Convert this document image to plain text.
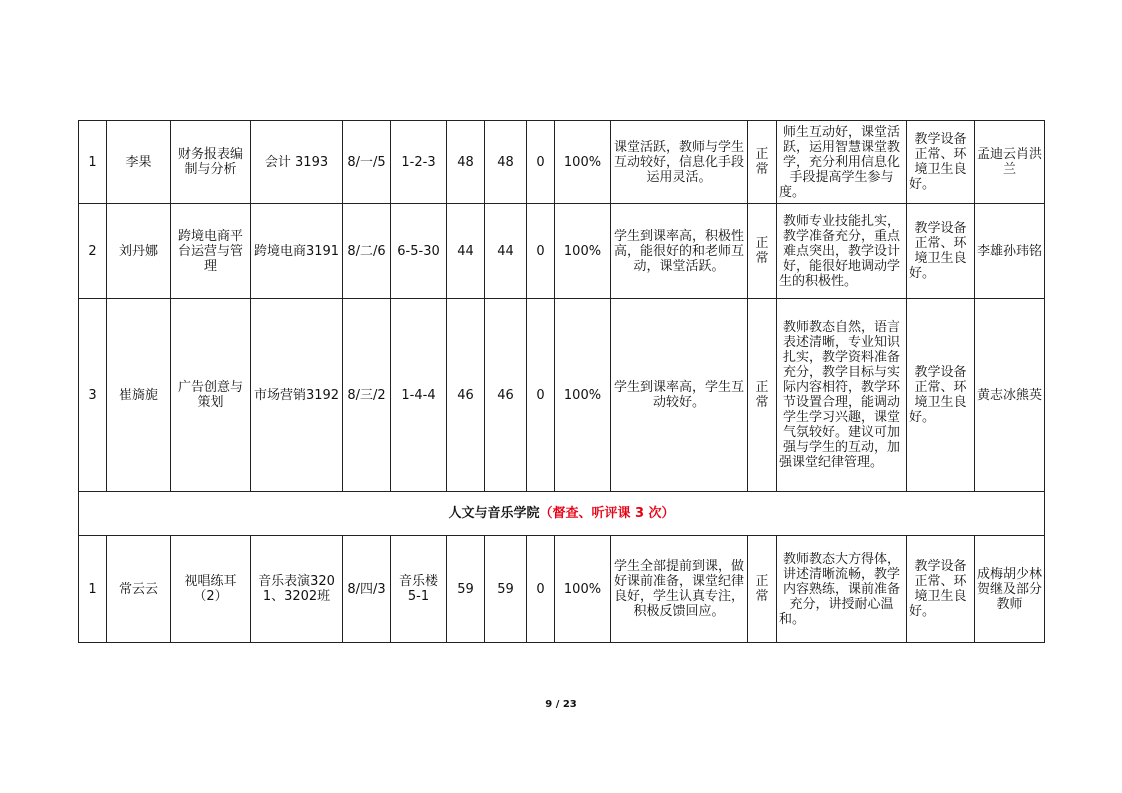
1	李果	财务报表编制与分析	会计 3193	8/一/5	1-2-3	48	48	0	100%	课堂活跃，教师与学生互动较好，信息化手段运用灵活。	正常	师生互动好，课堂活跃，运用智慧课堂教学，充分利用信息化手段提高学生参与度。	教学设备正常、环境卫生良好。	孟迪云肖洪兰
2	刘丹娜	跨境电商平台运营与管理	跨境电商3191	8/二/6	6-5-30	44	44	0	100%	学生到课率高，积极性高，能很好的和老师互动，课堂活跃。	正常	教师专业技能扎实，教学准备充分，重点难点突出，教学设计好，能很好地调动学生的积极性。	教学设备正常、环境卫生良好。	李雄孙玮铭
3	崔旖旎	广告创意与策划	市场营销3192	8/三/2	1-4-4	46	46	0	100%	学生到课率高，学生互动较好。	正常	教师教态自然，语言表述清晰，专业知识扎实，教学资料准备充分，教学目标与实际内容相符，教学环节设置合理，能调动学生学习兴趣，课堂气氛较好。建议可加强与学生的互动，加强课堂纪律管理。	教学设备正常、环境卫生良好。	黄志冰熊英
人文与音乐学院（督查、听评课 3 次）														
1	常云云	视唱练耳（2）	音乐表演3201、3202班	8/四/3	音乐楼 5-1	59	59	0	100%	学生全部提前到课，做好课前准备，课堂纪律良好，学生认真专注，积极反馈回应。	正常	教师教态大方得体，讲述清晰流畅，教学内容熟练，课前准备充分，讲授耐心温和。	教学设备正常、环境卫生良好。	成梅胡少林贺继及部分教师
9 / 23
